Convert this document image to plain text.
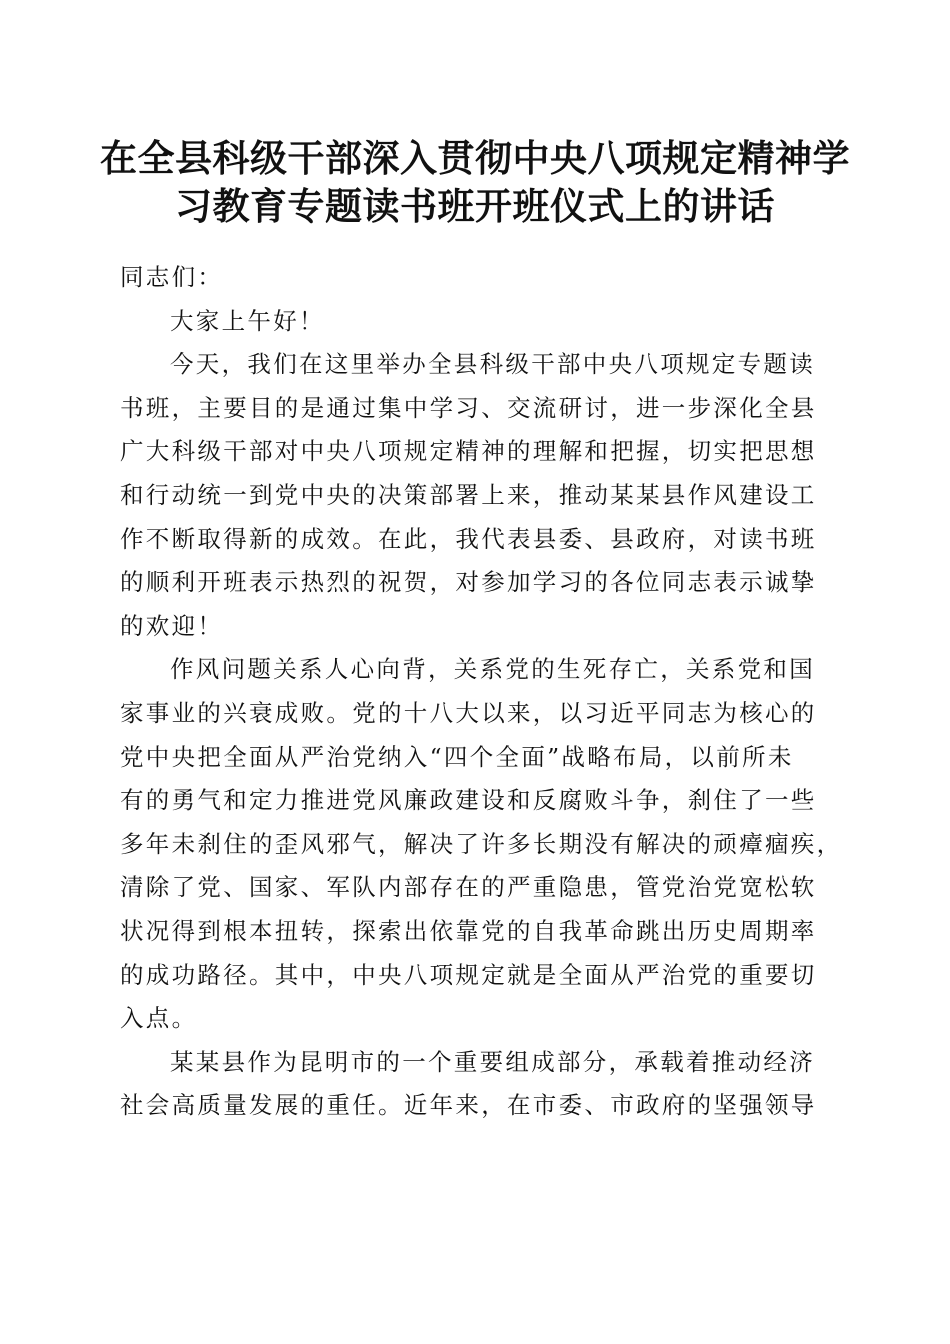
在全县科级干部深入贯彻中央八项规定精神学
习教育专题读书班开班仪式上的讲话
同志们：
大家上午好！
今天，我们在这里举办全县科级干部中央八项规定专题读
书班，主要目的是通过集中学习、交流研讨，进一步深化全县
广大科级干部对中央八项规定精神的理解和把握，切实把思想
和行动统一到党中央的决策部署上来，推动某某县作风建设工
作不断取得新的成效。在此，我代表县委、县政府，对读书班
的顺利开班表示热烈的祝贺，对参加学习的各位同志表示诚挚
的欢迎！
作风问题关系人心向背，关系党的生死存亡，关系党和国
家事业的兴衰成败。党的十八大以来，以习近平同志为核心的
党中央把全面从严治党纳入“四个全面”战略布局，以前所未
有的勇气和定力推进党风廉政建设和反腐败斗争，刹住了一些
多年未刹住的歪风邪气，解决了许多长期没有解决的顽瘴痼疾，
清除了党、国家、军队内部存在的严重隐患，管党治党宽松软
状况得到根本扭转，探索出依靠党的自我革命跳出历史周期率
的成功路径。其中，中央八项规定就是全面从严治党的重要切
入点。
某某县作为昆明市的一个重要组成部分，承载着推动经济
社会高质量发展的重任。近年来，在市委、市政府的坚强领导
